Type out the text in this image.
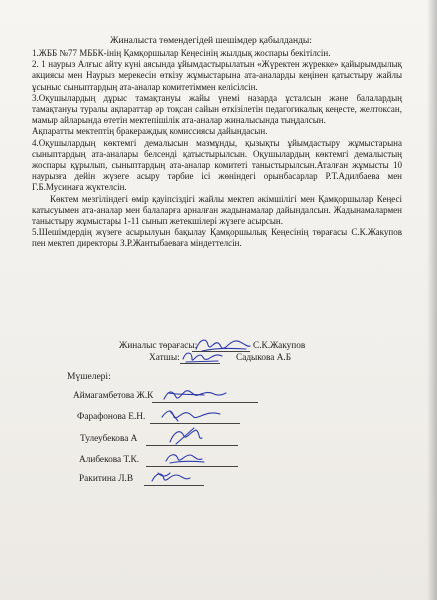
Жиналыста төмендегідей шешімдер қабылданды:

1.ЖББ №77 МББК-інің Қамқоршылар Кеңесінің жылдық жоспары бекітілсін.

2. 1 наурыз Алғыс айту күні аясында ұйымдастырылатын «Жүректен жүрекке» қайырымдылық акциясы мен Наурыз мерекесін өткізу жұмыстарына ата-аналарды кеңінен қатыстыру жайлы ұсыныс сыныптардың ата-аналар комитетіммен келісілсін.

3.Оқушылардың дұрыс тамақтануы жайы үнемі назарда ұсталсын және балалардың тамақтануы туралы ақпараттар әр тоқсан сайын өткізілетін педагогикалық кеңесте, желтоксан, мамыр айларында өтетін мектепішілік ата-аналар жиналысында тыңдалсын.

Ақпаратты мектептің бракераждық комиссиясы дайындасын.

4.Оқушылардың көктемгі демалысын мазмұнды, қызықты ұйымдастыру жұмыстарына сыныптардың ата-аналары белсенді қатыстырылсын. Оқушылардың көктемгі демалыстың жоспары құрылып, сыныптардың ата-аналар комитеті таныстырылсын.Аталған жұмысты 10 наурызға дейін жүзеге асыру тәрбие ісі жөніндегі орынбасарлар Р.Т.Адилбаева мен Г.Б.Мусинаға жүктелсін.

Көктем мезгіліндегі өмір қауіпсіздігі жайлы мектеп әкімшілігі мен Қамқоршылар Кеңесі катысуымен ата-аналар мен балаларға арналған жадынамалар дайындалсын. Жадынамалармен таныстыру жұмыстары 1-11 сынып жетекшілері жүзеге асырсын.

5.Шешімдердің жүзеге асырылуын бақылау Қамқоршылық Кеңесінің төрағасы С.К.Жакупов пен мектеп директоры З.Р.Жантыбаеваға міндеттелсін.

Жиналыс төрағасы:	С.К.Жакупов
Хатшы:	Садыкова А.Б
Мүшелері:
Аймагамбетова Ж.К
Фарафонова Е.Н.
Тулеубекова А
Алибекова Т.К.
Ракитина Л.В
